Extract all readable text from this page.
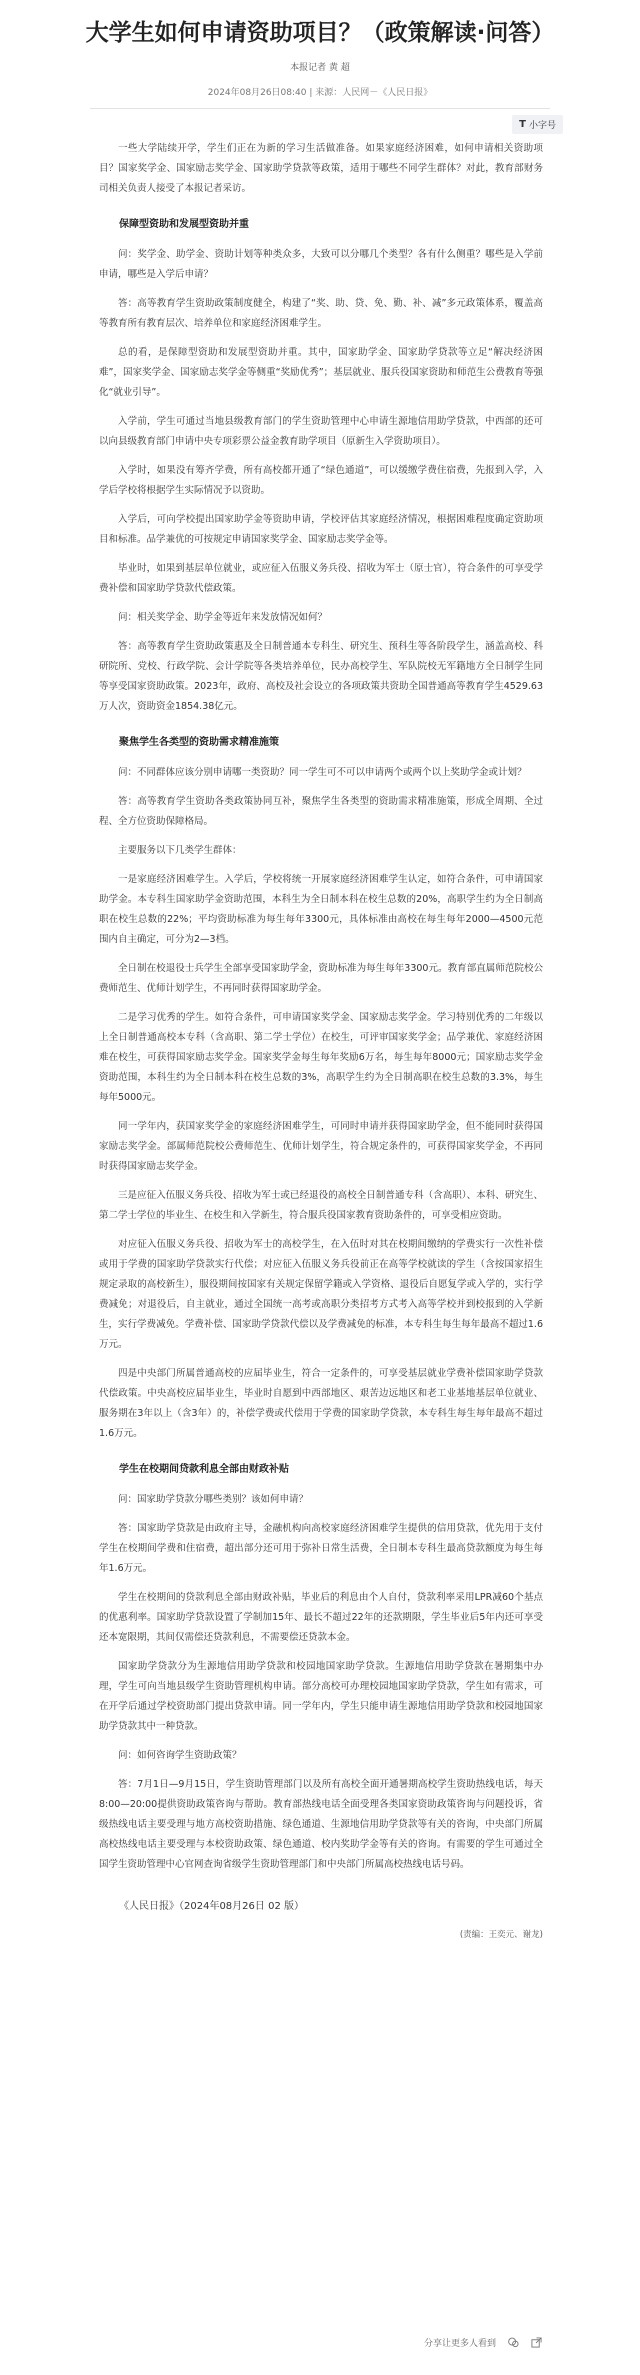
大学生如何申请资助项目？（政策解读·问答）
本报记者 黄 超
2024年08月26日08:40 | 来源：人民网－《人民日报》
T 小字号

一些大学陆续开学，学生们正在为新的学习生活做准备。如果家庭经济困难，如何申请相关资助项目？国家奖学金、国家励志奖学金、国家助学贷款等政策，适用于哪些不同学生群体？对此，教育部财务司相关负责人接受了本报记者采访。

保障型资助和发展型资助并重

问：奖学金、助学金、资助计划等种类众多，大致可以分哪几个类型？各有什么侧重？哪些是入学前申请，哪些是入学后申请？

答：高等教育学生资助政策制度健全，构建了“奖、助、贷、免、勤、补、减”多元政策体系，覆盖高等教育所有教育层次、培养单位和家庭经济困难学生。

总的看，是保障型资助和发展型资助并重。其中，国家助学金、国家助学贷款等立足“解决经济困难”，国家奖学金、国家励志奖学金等侧重“奖励优秀”；基层就业、服兵役国家资助和师范生公费教育等强化“就业引导”。

入学前，学生可通过当地县级教育部门的学生资助管理中心申请生源地信用助学贷款，中西部的还可以向县级教育部门申请中央专项彩票公益金教育助学项目（原新生入学资助项目）。

入学时，如果没有筹齐学费，所有高校都开通了“绿色通道”，可以缓缴学费住宿费，先报到入学，入学后学校将根据学生实际情况予以资助。

入学后，可向学校提出国家助学金等资助申请，学校评估其家庭经济情况，根据困难程度确定资助项目和标准。品学兼优的可按规定申请国家奖学金、国家励志奖学金等。

毕业时，如果到基层单位就业，或应征入伍服义务兵役、招收为军士（原士官），符合条件的可享受学费补偿和国家助学贷款代偿政策。

问：相关奖学金、助学金等近年来发放情况如何？

答：高等教育学生资助政策惠及全日制普通本专科生、研究生、预科生等各阶段学生，涵盖高校、科研院所、党校、行政学院、会计学院等各类培养单位，民办高校学生、军队院校无军籍地方全日制学生同等享受国家资助政策。2023年，政府、高校及社会设立的各项政策共资助全国普通高等教育学生4529.63万人次，资助资金1854.38亿元。

聚焦学生各类型的资助需求精准施策

问：不同群体应该分别申请哪一类资助？同一学生可不可以申请两个或两个以上奖助学金或计划？

答：高等教育学生资助各类政策协同互补，聚焦学生各类型的资助需求精准施策，形成全周期、全过程、全方位资助保障格局。

主要服务以下几类学生群体：

一是家庭经济困难学生。入学后，学校将统一开展家庭经济困难学生认定，如符合条件，可申请国家助学金。本专科生国家助学金资助范围，本科生为全日制本科在校生总数的20%，高职学生约为全日制高职在校生总数的22%；平均资助标准为每生每年3300元，具体标准由高校在每生每年2000—4500元范围内自主确定，可分为2—3档。

全日制在校退役士兵学生全部享受国家助学金，资助标准为每生每年3300元。教育部直属师范院校公费师范生、优师计划学生，不再同时获得国家助学金。

二是学习优秀的学生。如符合条件，可申请国家奖学金、国家励志奖学金。学习特别优秀的二年级以上全日制普通高校本专科（含高职、第二学士学位）在校生，可评审国家奖学金；品学兼优、家庭经济困难在校生，可获得国家励志奖学金。国家奖学金每生每年奖励6万名，每生每年8000元；国家励志奖学金资助范围，本科生约为全日制本科在校生总数的3%，高职学生约为全日制高职在校生总数的3.3%，每生每年5000元。

同一学年内，获国家奖学金的家庭经济困难学生，可同时申请并获得国家助学金，但不能同时获得国家励志奖学金。部属师范院校公费师范生、优师计划学生，符合规定条件的，可获得国家奖学金，不再同时获得国家励志奖学金。

三是应征入伍服义务兵役、招收为军士或已经退役的高校全日制普通专科（含高职）、本科、研究生、第二学士学位的毕业生、在校生和入学新生，符合服兵役国家教育资助条件的，可享受相应资助。

对应征入伍服义务兵役、招收为军士的高校学生，在入伍时对其在校期间缴纳的学费实行一次性补偿或用于学费的国家助学贷款实行代偿；对应征入伍服义务兵役前正在高等学校就读的学生（含按国家招生规定录取的高校新生），服役期间按国家有关规定保留学籍或入学资格、退役后自愿复学或入学的，实行学费减免；对退役后，自主就业，通过全国统一高考或高职分类招考方式考入高等学校并到校报到的入学新生，实行学费减免。学费补偿、国家助学贷款代偿以及学费减免的标准，本专科生每生每年最高不超过1.6万元。

四是中央部门所属普通高校的应届毕业生，符合一定条件的，可享受基层就业学费补偿国家助学贷款代偿政策。中央高校应届毕业生，毕业时自愿到中西部地区、艰苦边远地区和老工业基地基层单位就业、服务期在3年以上（含3年）的，补偿学费或代偿用于学费的国家助学贷款，本专科生每生每年最高不超过1.6万元。

学生在校期间贷款利息全部由财政补贴

问：国家助学贷款分哪些类别？该如何申请？

答：国家助学贷款是由政府主导，金融机构向高校家庭经济困难学生提供的信用贷款，优先用于支付学生在校期间学费和住宿费，超出部分还可用于弥补日常生活费，全日制本专科生最高贷款额度为每生每年1.6万元。

学生在校期间的贷款利息全部由财政补贴，毕业后的利息由个人自付，贷款利率采用LPR减60个基点的优惠利率。国家助学贷款设置了学制加15年、最长不超过22年的还款期限，学生毕业后5年内还可享受还本宽限期，其间仅需偿还贷款利息，不需要偿还贷款本金。

国家助学贷款分为生源地信用助学贷款和校园地国家助学贷款。生源地信用助学贷款在暑期集中办理，学生可向当地县级学生资助管理机构申请。部分高校可办理校园地国家助学贷款，学生如有需求，可在开学后通过学校资助部门提出贷款申请。同一学年内，学生只能申请生源地信用助学贷款和校园地国家助学贷款其中一种贷款。

问：如何咨询学生资助政策？

答：7月1日—9月15日，学生资助管理部门以及所有高校全面开通暑期高校学生资助热线电话，每天8:00—20:00提供资助政策咨询与帮助。教育部热线电话全面受理各类国家资助政策咨询与问题投诉，省级热线电话主要受理与地方高校资助措施、绿色通道、生源地信用助学贷款等有关的咨询，中央部门所属高校热线电话主要受理与本校资助政策、绿色通道、校内奖助学金等有关的咨询。有需要的学生可通过全国学生资助管理中心官网查询省级学生资助管理部门和中央部门所属高校热线电话号码。

《人民日报》（2024年08月26日 02 版）
(责编：王奕元、谢龙)
分享让更多人看到
